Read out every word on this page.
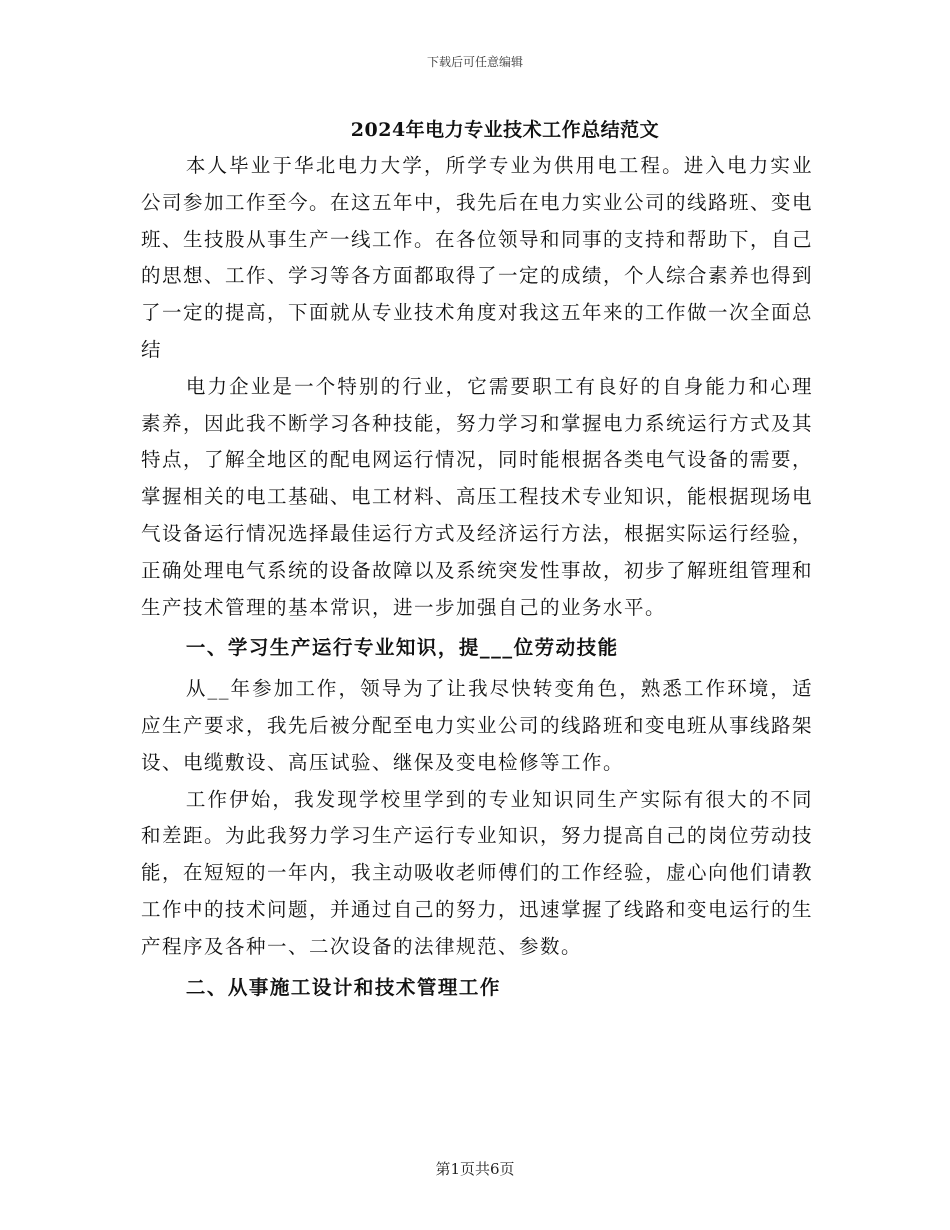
下载后可任意编辑
2024年电力专业技术工作总结范文

本人毕业于华北电力大学，所学专业为供用电工程。进入电力实业公司参加工作至今。在这五年中，我先后在电力实业公司的线路班、变电班、生技股从事生产一线工作。在各位领导和同事的支持和帮助下，自己的思想、工作、学习等各方面都取得了一定的成绩，个人综合素养也得到了一定的提高，下面就从专业技术角度对我这五年来的工作做一次全面总结

电力企业是一个特别的行业，它需要职工有良好的自身能力和心理素养，因此我不断学习各种技能，努力学习和掌握电力系统运行方式及其特点，了解全地区的配电网运行情况，同时能根据各类电气设备的需要，掌握相关的电工基础、电工材料、高压工程技术专业知识，能根据现场电气设备运行情况选择最佳运行方式及经济运行方法，根据实际运行经验，正确处理电气系统的设备故障以及系统突发性事故，初步了解班组管理和生产技术管理的基本常识，进一步加强自己的业务水平。

一、学习生产运行专业知识，提___位劳动技能

从__年参加工作，领导为了让我尽快转变角色，熟悉工作环境，适应生产要求，我先后被分配至电力实业公司的线路班和变电班从事线路架设、电缆敷设、高压试验、继保及变电检修等工作。

工作伊始，我发现学校里学到的专业知识同生产实际有很大的不同和差距。为此我努力学习生产运行专业知识，努力提高自己的岗位劳动技能，在短短的一年内，我主动吸收老师傅们的工作经验，虚心向他们请教工作中的技术问题，并通过自己的努力，迅速掌握了线路和变电运行的生产程序及各种一、二次设备的法律规范、参数。

二、从事施工设计和技术管理工作
第1页共6页
